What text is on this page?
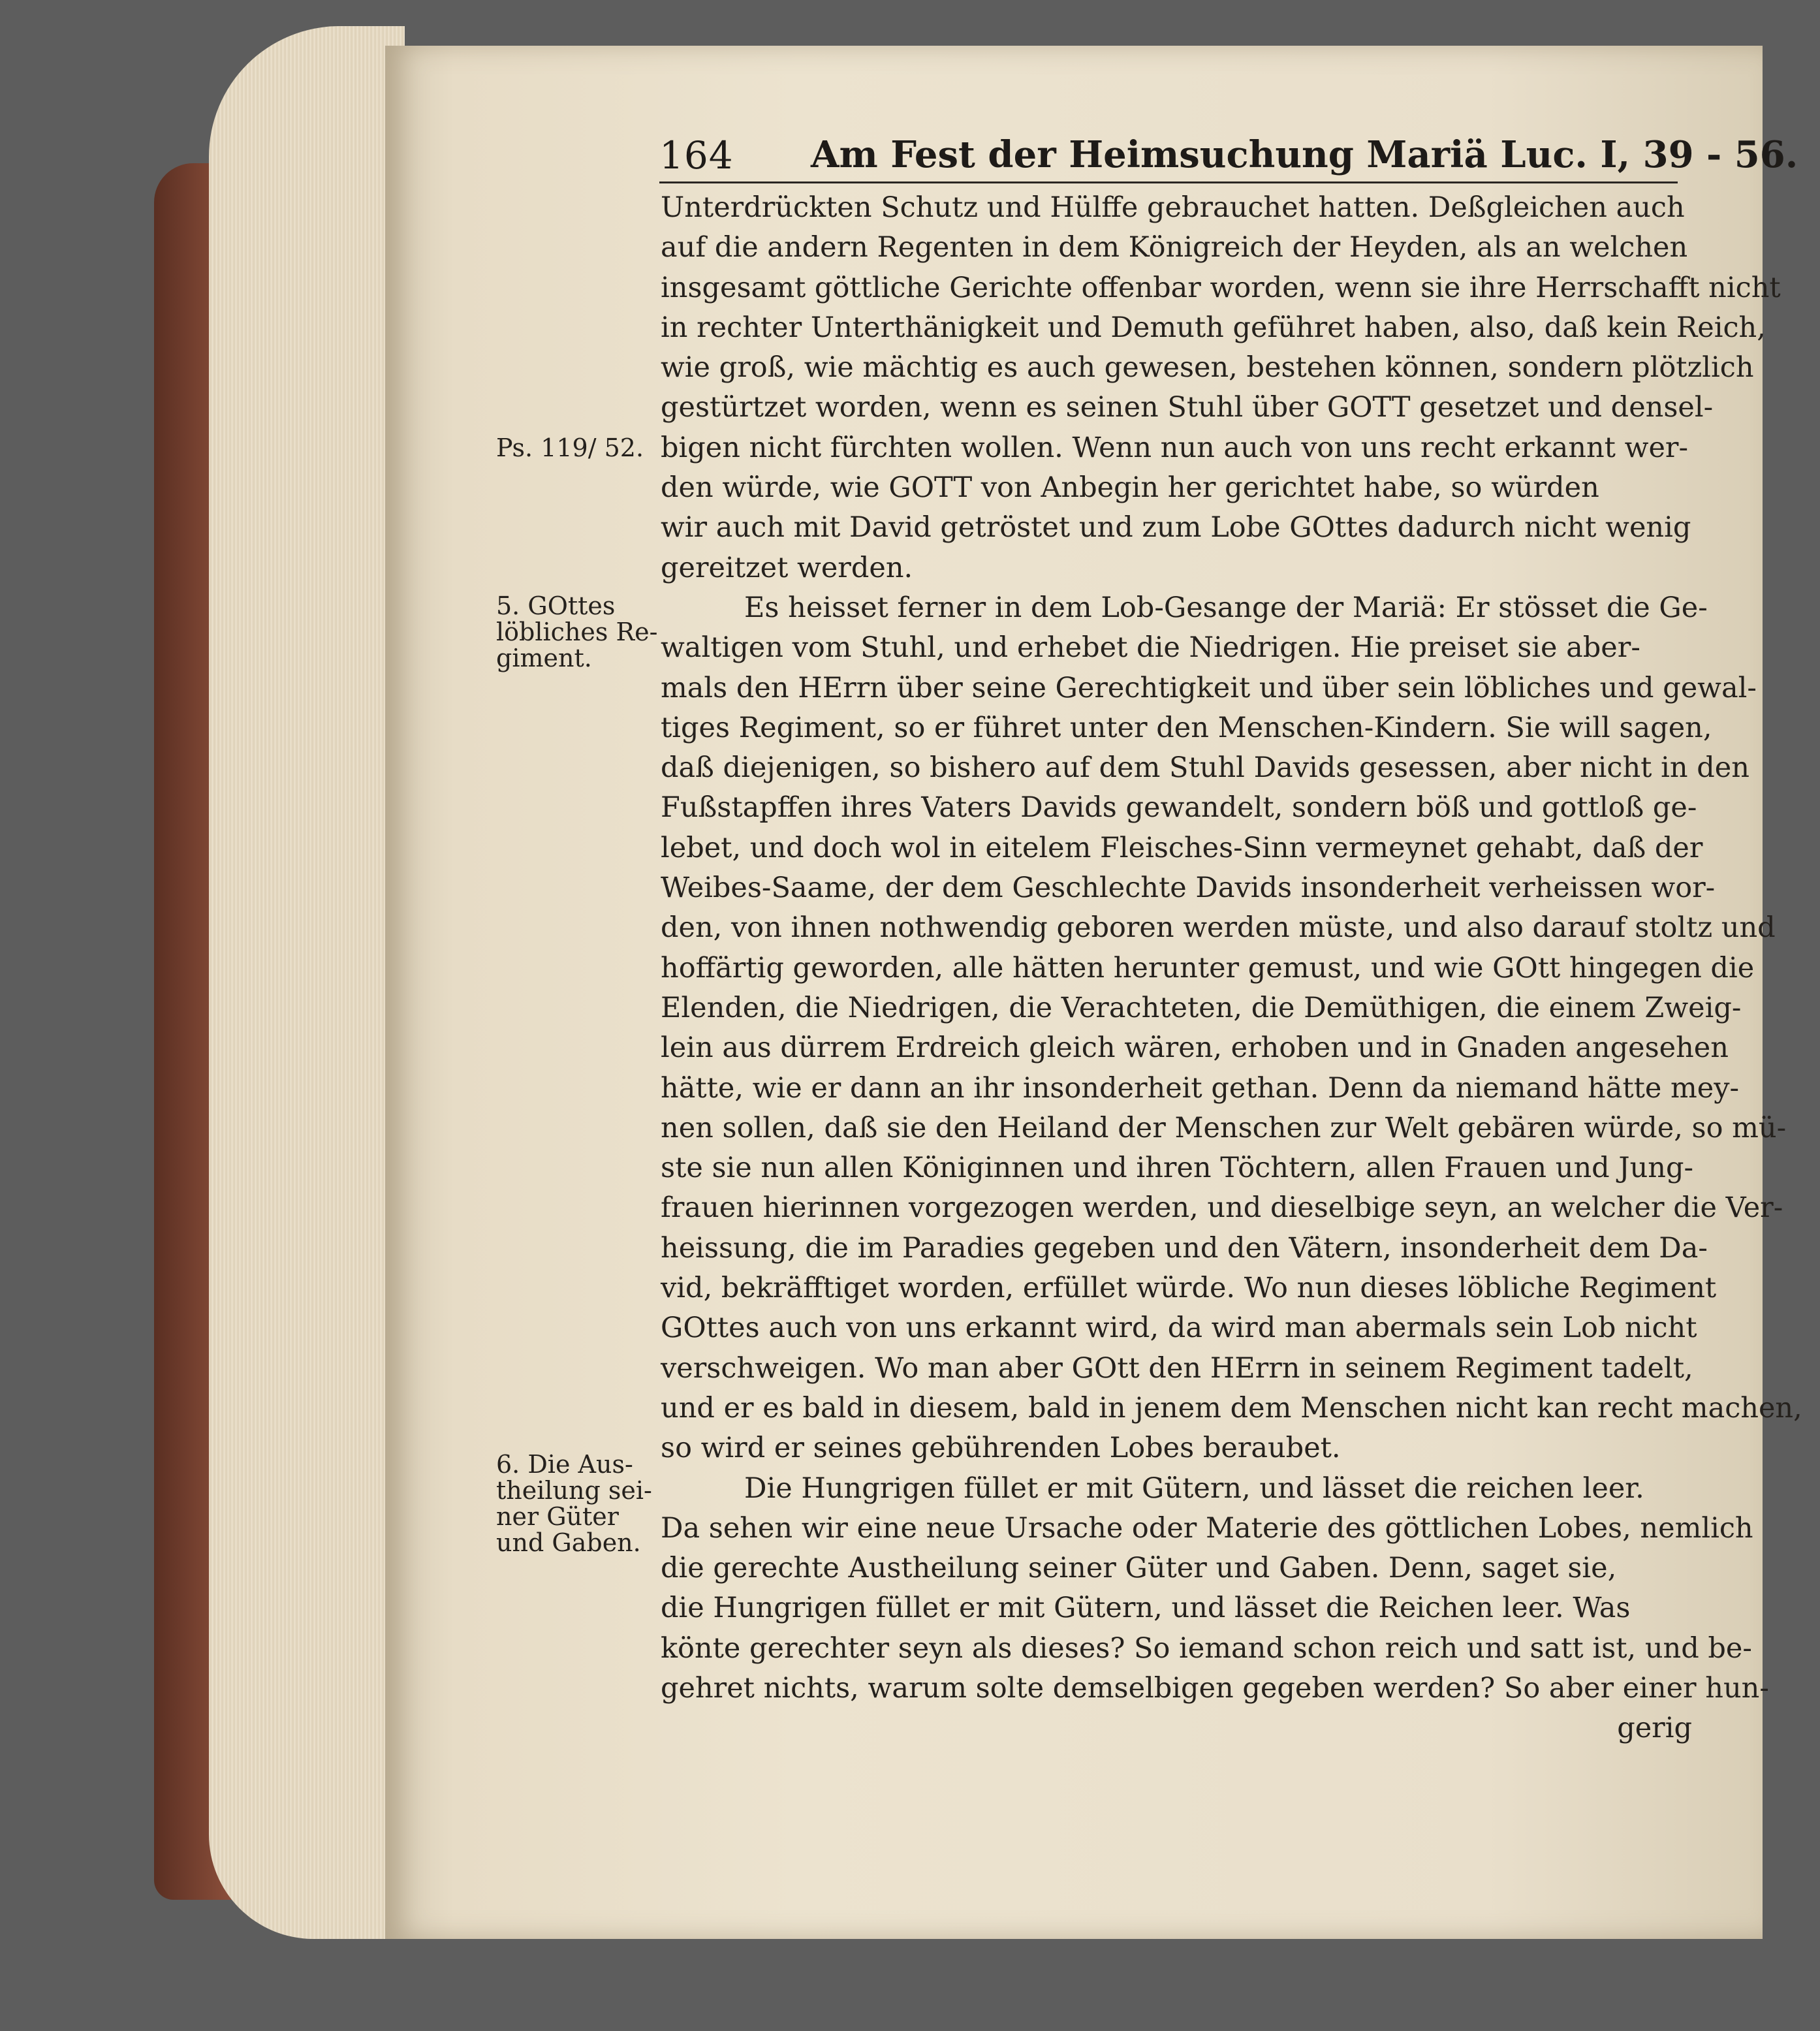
164 Am Fest der Heimsuchung Mariä Luc. I, 39 - 56.
Ps. 119/ 52.
5. GOttes
löbliches Re-
giment.
6. Die Aus-
theilung sei-
ner Güter
und Gaben.
Unterdrückten Schutz und Hülffe gebrauchet hatten. Deßgleichen auch
auf die andern Regenten in dem Königreich der Heyden, als an welchen
insgesamt göttliche Gerichte offenbar worden, wenn sie ihre Herrschafft nicht
in rechter Unterthänigkeit und Demuth geführet haben, also, daß kein Reich,
wie groß, wie mächtig es auch gewesen, bestehen können, sondern plötzlich
gestürtzet worden, wenn es seinen Stuhl über GOTT gesetzet und densel-
bigen nicht fürchten wollen. Wenn nun auch von uns recht erkannt wer-
den würde, wie GOTT von Anbegin her gerichtet habe, so würden
wir auch mit David getröstet und zum Lobe GOttes dadurch nicht wenig
gereitzet werden.
Es heisset ferner in dem Lob-Gesange der Mariä: Er stösset die Ge-
waltigen vom Stuhl, und erhebet die Niedrigen. Hie preiset sie aber-
mals den HErrn über seine Gerechtigkeit und über sein löbliches und gewal-
tiges Regiment, so er führet unter den Menschen-Kindern. Sie will sagen,
daß diejenigen, so bishero auf dem Stuhl Davids gesessen, aber nicht in den
Fußstapffen ihres Vaters Davids gewandelt, sondern böß und gottloß ge-
lebet, und doch wol in eitelem Fleisches-Sinn vermeynet gehabt, daß der
Weibes-Saame, der dem Geschlechte Davids insonderheit verheissen wor-
den, von ihnen nothwendig geboren werden müste, und also darauf stoltz und
hoffärtig geworden, alle hätten herunter gemust, und wie GOtt hingegen die
Elenden, die Niedrigen, die Verachteten, die Demüthigen, die einem Zweig-
lein aus dürrem Erdreich gleich wären, erhoben und in Gnaden angesehen
hätte, wie er dann an ihr insonderheit gethan. Denn da niemand hätte mey-
nen sollen, daß sie den Heiland der Menschen zur Welt gebären würde, so mü-
ste sie nun allen Königinnen und ihren Töchtern, allen Frauen und Jung-
frauen hierinnen vorgezogen werden, und dieselbige seyn, an welcher die Ver-
heissung, die im Paradies gegeben und den Vätern, insonderheit dem Da-
vid, bekräfftiget worden, erfüllet würde. Wo nun dieses löbliche Regiment
GOttes auch von uns erkannt wird, da wird man abermals sein Lob nicht
verschweigen. Wo man aber GOtt den HErrn in seinem Regiment tadelt,
und er es bald in diesem, bald in jenem dem Menschen nicht kan recht machen,
so wird er seines gebührenden Lobes beraubet.
Die Hungrigen füllet er mit Gütern, und lässet die reichen leer.
Da sehen wir eine neue Ursache oder Materie des göttlichen Lobes, nemlich
die gerechte Austheilung seiner Güter und Gaben. Denn, saget sie,
die Hungrigen füllet er mit Gütern, und lässet die Reichen leer. Was
könte gerechter seyn als dieses? So iemand schon reich und satt ist, und be-
gehret nichts, warum solte demselbigen gegeben werden? So aber einer hun-
gerig
